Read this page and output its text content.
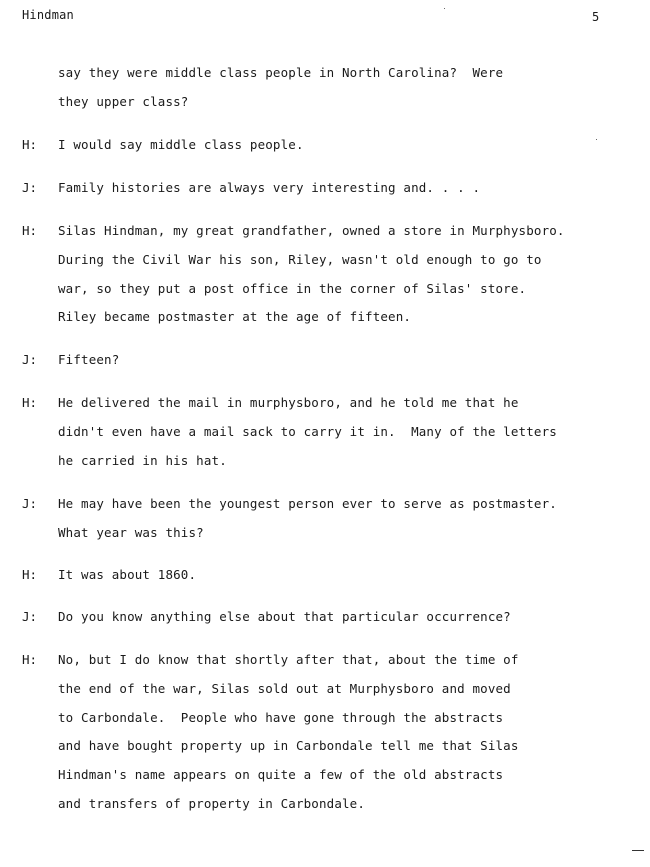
Hindman	5
say they were middle class people in North Carolina?  Were
they upper class?
H: I would say middle class people.
J: Family histories are always very interesting and. . . .
H: Silas Hindman, my great grandfather, owned a store in Murphysboro.
During the Civil War his son, Riley, wasn't old enough to go to
war, so they put a post office in the corner of Silas' store.
Riley became postmaster at the age of fifteen.
J: Fifteen?
H: He delivered the mail in murphysboro, and he told me that he
didn't even have a mail sack to carry it in.  Many of the letters
he carried in his hat.
J: He may have been the youngest person ever to serve as postmaster.
What year was this?
H: It was about 1860.
J: Do you know anything else about that particular occurrence?
H: No, but I do know that shortly after that, about the time of
the end of the war, Silas sold out at Murphysboro and moved
to Carbondale.  People who have gone through the abstracts
and have bought property up in Carbondale tell me that Silas
Hindman's name appears on quite a few of the old abstracts
and transfers of property in Carbondale.
